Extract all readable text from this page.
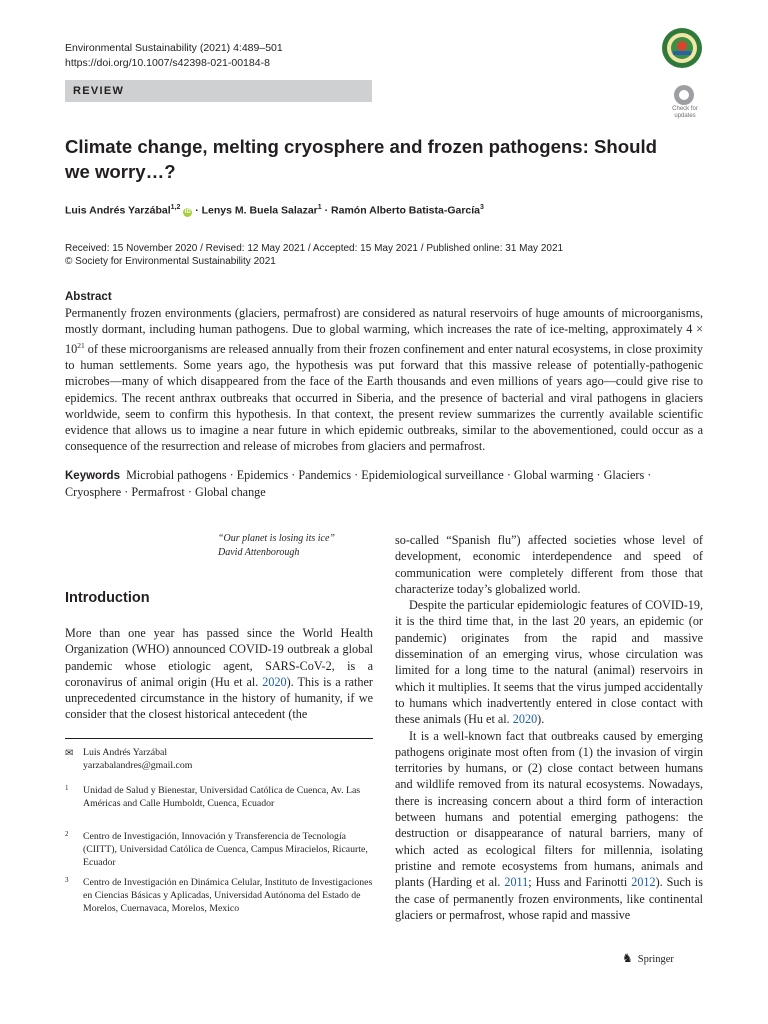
Environmental Sustainability (2021) 4:489–501
https://doi.org/10.1007/s42398-021-00184-8
REVIEW
Check for
updates
Climate change, melting cryosphere and frozen pathogens: Should we worry…?
Luis Andrés Yarzábal$^{1,2}$ iD · Lenys M. Buela Salazar$^1$ · Ramón Alberto Batista-García$^3$
Received: 15 November 2020 / Revised: 12 May 2021 / Accepted: 15 May 2021 / Published online: 31 May 2021
© Society for Environmental Sustainability 2021
Abstract
Permanently frozen environments (glaciers, permafrost) are considered as natural reservoirs of huge amounts of microorganisms, mostly dormant, including human pathogens. Due to global warming, which increases the rate of ice-melting, approximately $4 \times 10^{21}$ of these microorganisms are released annually from their frozen confinement and enter natural ecosystems, in close proximity to human settlements. Some years ago, the hypothesis was put forward that this massive release of potentially-pathogenic microbes—many of which disappeared from the face of the Earth thousands and even millions of years ago—could give rise to epidemics. The recent anthrax outbreaks that occurred in Siberia, and the presence of bacterial and viral pathogens in glaciers worldwide, seem to confirm this hypothesis. In that context, the present review summarizes the currently available scientific evidence that allows us to imagine a near future in which epidemic outbreaks, similar to the abovementioned, could occur as a consequence of the resurrection and release of microbes from glaciers and permafrost.
Keywords Microbial pathogens · Epidemics · Pandemics · Epidemiological surveillance · Global warming · Glaciers · Cryosphere · Permafrost · Global change
“Our planet is losing its ice”
David Attenborough
Introduction
More than one year has passed since the World Health Organization (WHO) announced COVID-19 outbreak a global pandemic whose etiologic agent, SARS-CoV-2, is a coronavirus of animal origin (Hu et al. 2020). This is a rather unprecedented circumstance in the history of humanity, if we consider that the closest historical antecedent (the
✉ Luis Andrés Yarzábal
yarzabalandres@gmail.com
1 Unidad de Salud y Bienestar, Universidad Católica de Cuenca, Av. Las Américas and Calle Humboldt, Cuenca, Ecuador
2 Centro de Investigación, Innovación y Transferencia de Tecnología (CIITT), Universidad Católica de Cuenca, Campus Miracielos, Ricaurte, Ecuador
3 Centro de Investigación en Dinámica Celular, Instituto de Investigaciones en Ciencias Básicas y Aplicadas, Universidad Autónoma del Estado de Morelos, Cuernavaca, Morelos, Mexico

so-called “Spanish flu”) affected societies whose level of development, economic interdependence and speed of communication were completely different from those that characterize today’s globalized world.

Despite the particular epidemiologic features of COVID-19, it is the third time that, in the last 20 years, an epidemic (or pandemic) originates from the rapid and massive dissemination of an emerging virus, whose circulation was limited for a long time to the natural (animal) reservoirs in which it multiplies. It seems that the virus jumped accidentally to humans which inadvertently entered in close contact with these animals (Hu et al. 2020).

It is a well-known fact that outbreaks caused by emerging pathogens originate most often from (1) the invasion of virgin territories by humans, or (2) close contact between humans and wildlife removed from its natural ecosystems. Nowadays, there is increasing concern about a third form of interaction between humans and potential emerging pathogens: the destruction or disappearance of natural barriers, many of which acted as ecological filters for millennia, isolating pristine and remote ecosystems from humans, animals and plants (Harding et al. 2011; Huss and Farinotti 2012). Such is the case of permanently frozen environments, like continental glaciers or permafrost, whose rapid and massive

♞ Springer
